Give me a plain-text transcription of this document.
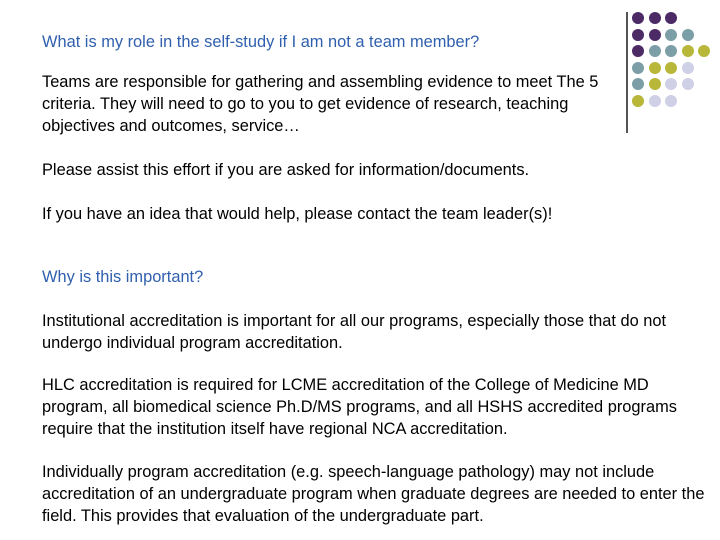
What is my role in the self-study if I am not a team member?

Teams are responsible for gathering and assembling evidence to meet The 5 criteria. They will need to go to you to get evidence of research, teaching objectives and outcomes, service…

Please assist this effort if you are asked for information/documents.

If you have an idea that would help, please contact the team leader(s)!

Why is this important?

Institutional accreditation is important for all our programs, especially those that do not undergo individual program accreditation.

HLC accreditation is required for LCME accreditation of the College of Medicine MD program, all biomedical science Ph.D/MS programs, and all HSHS accredited programs require that the institution itself have regional NCA accreditation.

Individually program accreditation (e.g. speech-language pathology) may not include accreditation of an undergraduate program when graduate degrees are needed to enter the field. This provides that evaluation of the undergraduate part.
